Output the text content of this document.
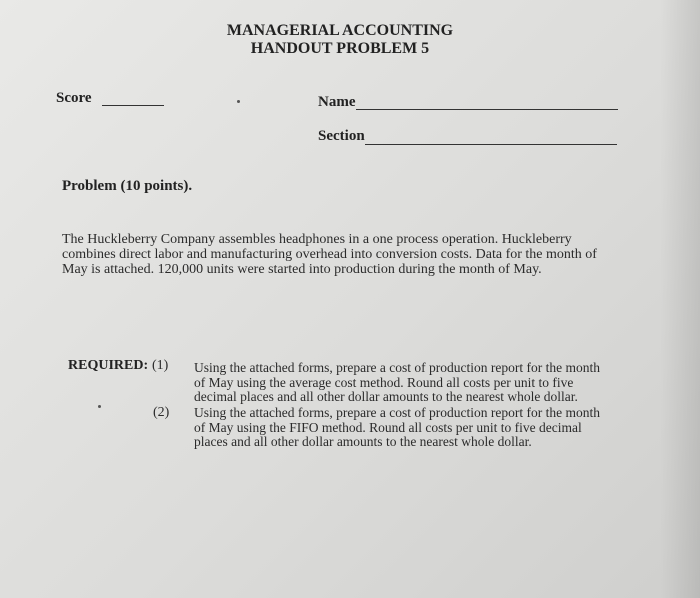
MANAGERIAL ACCOUNTING
HANDOUT PROBLEM 5
Score	Name
Section
Problem (10 points).
The Huckleberry Company assembles headphones in a one process operation. Huckleberry combines direct labor and manufacturing overhead into conversion costs. Data for the month of May is attached. 120,000 units were started into production during the month of May.
REQUIRED: (1) Using the attached forms, prepare a cost of production report for the month of May using the average cost method. Round all costs per unit to five decimal places and all other dollar amounts to the nearest whole dollar.
(2) Using the attached forms, prepare a cost of production report for the month of May using the FIFO method. Round all costs per unit to five decimal places and all other dollar amounts to the nearest whole dollar.
